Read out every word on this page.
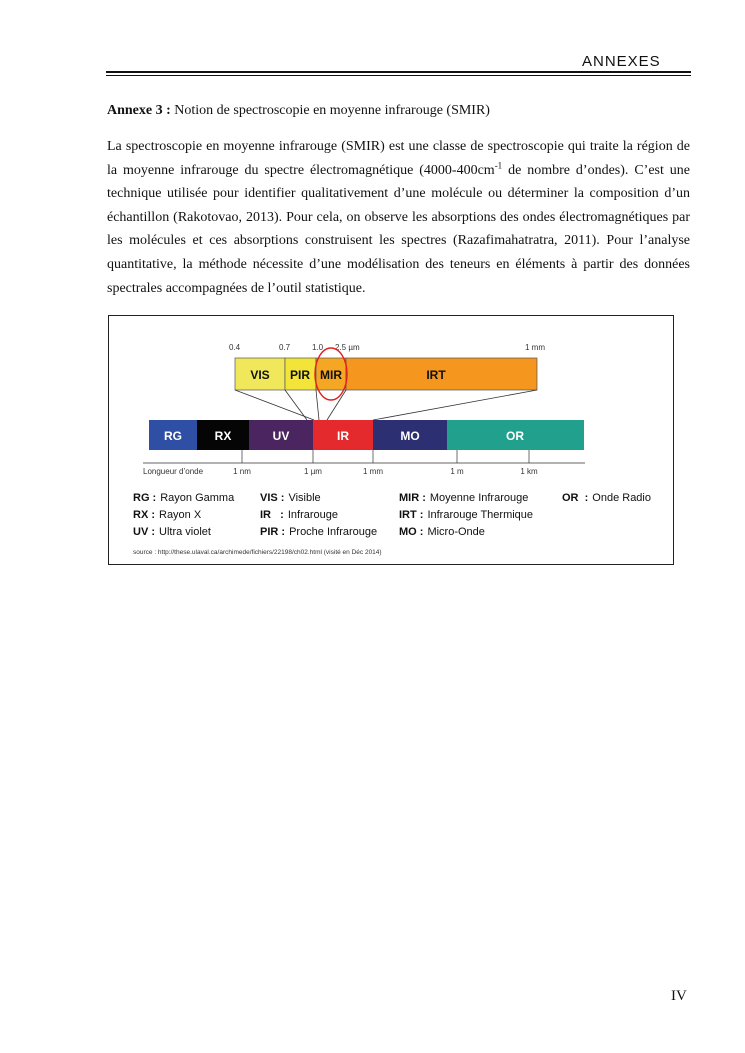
ANNEXES
Annexe 3 : Notion de spectroscopie en moyenne infrarouge (SMIR)

La spectroscopie en moyenne infrarouge (SMIR) est une classe de spectroscopie qui traite la région de la moyenne infrarouge du spectre électromagnétique ($4000-400cm^{-1}$ de nombre d’ondes). C’est une technique utilisée pour identifier qualitativement d’une molécule ou déterminer la composition d’un échantillon (Rakotovao, 2013). Pour cela, on observe les absorptions des ondes électromagnétiques par les molécules et ces absorptions construisent les spectres (Razafimahatratra, 2011). Pour l’analyse quantitative, la méthode nécessite d’une modélisation des teneurs en éléments à partir des données spectrales accompagnées de l’outil statistique.

0.4	0.7	1.0 2.5 µm	1 mm
VIS PIR MIR	IRT
RG	RX	UV	IR	MO	OR
Longueur d’onde	1 nm	1 µm	1 mm	1 m	1 km
RG : Rayon Gamma
RX : Rayon X
UV : Ultra violet
VIS : Visible
IR   : Infrarouge
PIR : Proche Infrarouge
MIR : Moyenne Infrarouge
IRT : Infrarouge Thermique
MO : Micro-Onde
OR  : Onde Radio
source : http://these.ulaval.ca/archimede/fichiers/22198/ch02.html (visité en Déc 2014)
IV
